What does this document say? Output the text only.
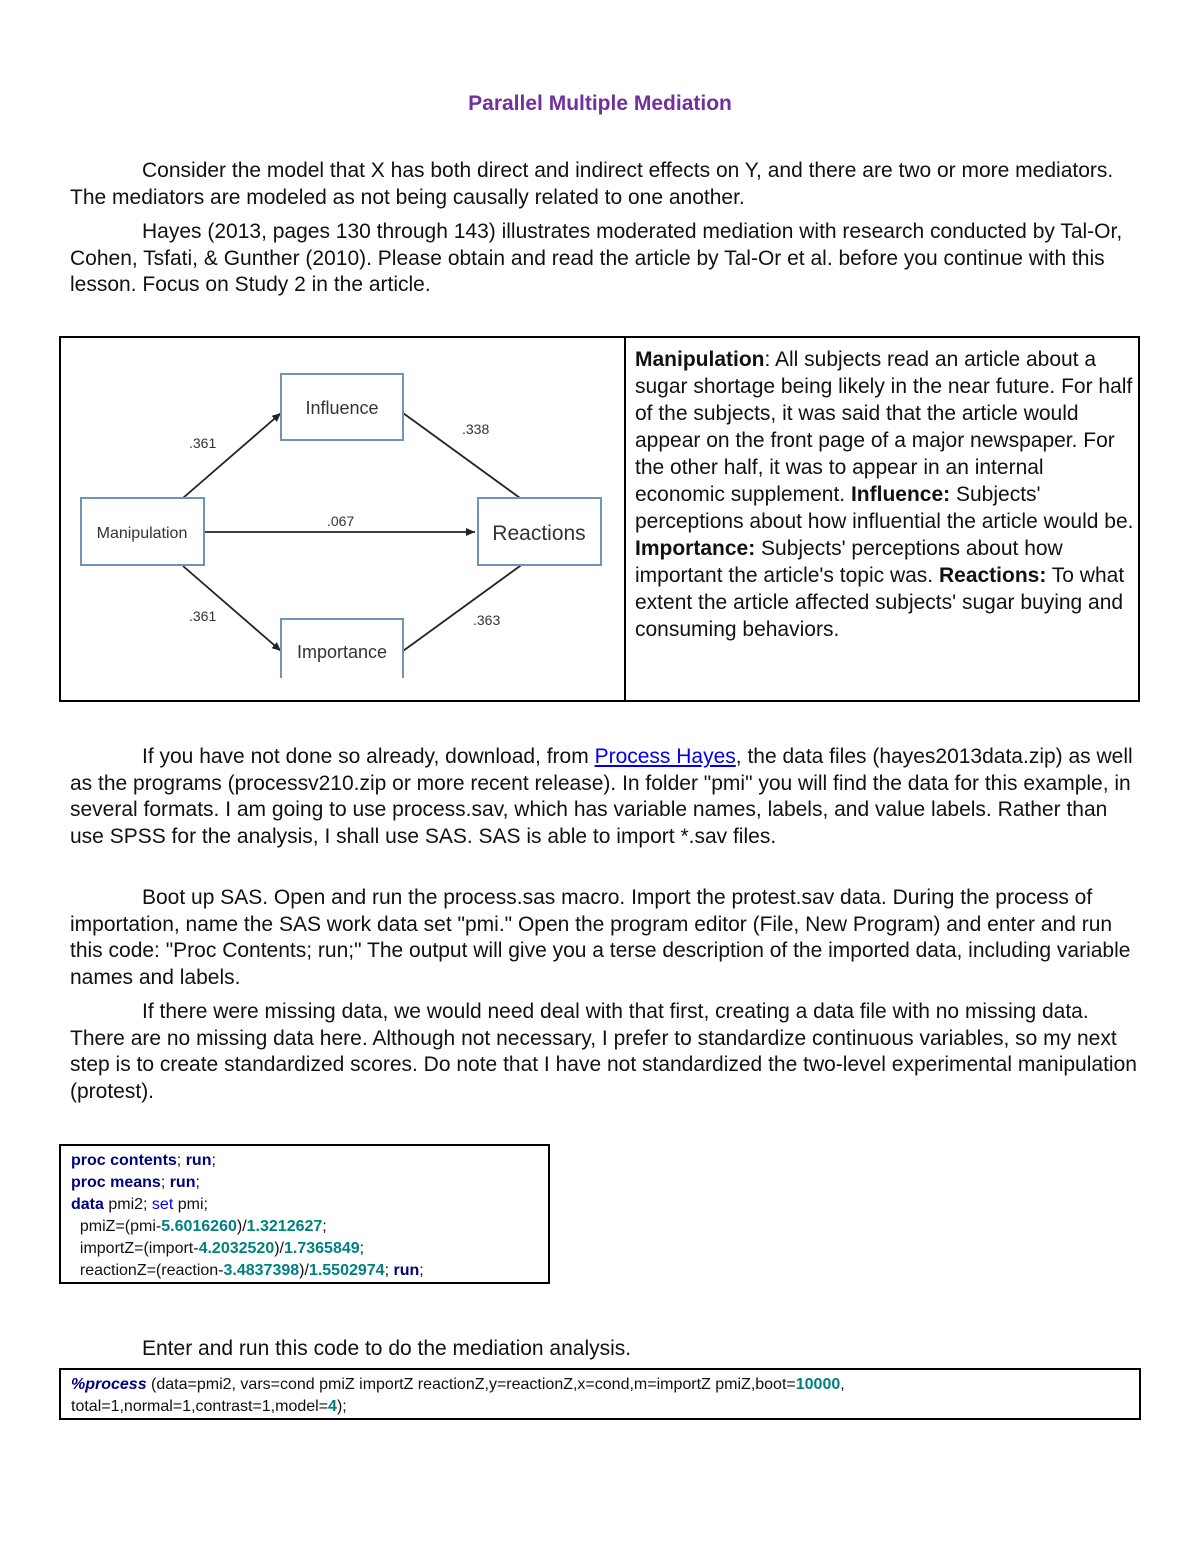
Parallel Multiple Mediation

Consider the model that X has both direct and indirect effects on Y, and there are two or more mediators. The mediators are modeled as not being causally related to one another.

Hayes (2013, pages 130 through 143) illustrates moderated mediation with research conducted by Tal-Or, Cohen, Tsfati, & Gunther (2010). Please obtain and read the article by Tal-Or et al. before you continue with this lesson. Focus on Study 2 in the article.

.361
.338
.067
.361	.363
Influence
Manipulation	Reactions
Importance
Manipulation: All subjects read an article about a sugar shortage being likely in the near future. For half of the subjects, it was said that the article would appear on the front page of a major newspaper. For the other half, it was to appear in an internal economic supplement. Influence: Subjects' perceptions about how influential the article would be. Importance: Subjects' perceptions about how important the article's topic was. Reactions: To what extent the article affected subjects' sugar buying and consuming behaviors.

If you have not done so already, download, from Process Hayes, the data files (hayes2013data.zip) as well as the programs (processv210.zip or more recent release). In folder "pmi" you will find the data for this example, in several formats. I am going to use process.sav, which has variable names, labels, and value labels. Rather than use SPSS for the analysis, I shall use SAS. SAS is able to import *.sav files.

Boot up SAS. Open and run the process.sas macro. Import the protest.sav data. During the process of importation, name the SAS work data set "pmi." Open the program editor (File, New Program) and enter and run this code: "Proc Contents; run;" The output will give you a terse description of the imported data, including variable names and labels.

If there were missing data, we would need deal with that first, creating a data file with no missing data. There are no missing data here. Although not necessary, I prefer to standardize continuous variables, so my next step is to create standardized scores. Do note that I have not standardized the two-level experimental manipulation (protest).

proc contents; run;
proc means; run;
data pmi2; set pmi;
pmiZ=(pmi-5.6016260)/1.3212627;
importZ=(import-4.2032520)/1.7365849;
reactionZ=(reaction-3.4837398)/1.5502974; run;
Enter and run this code to do the mediation analysis.
%process (data=pmi2, vars=cond pmiZ importZ reactionZ,y=reactionZ,x=cond,m=importZ pmiZ,boot=10000,
total=1,normal=1,contrast=1,model=4);
